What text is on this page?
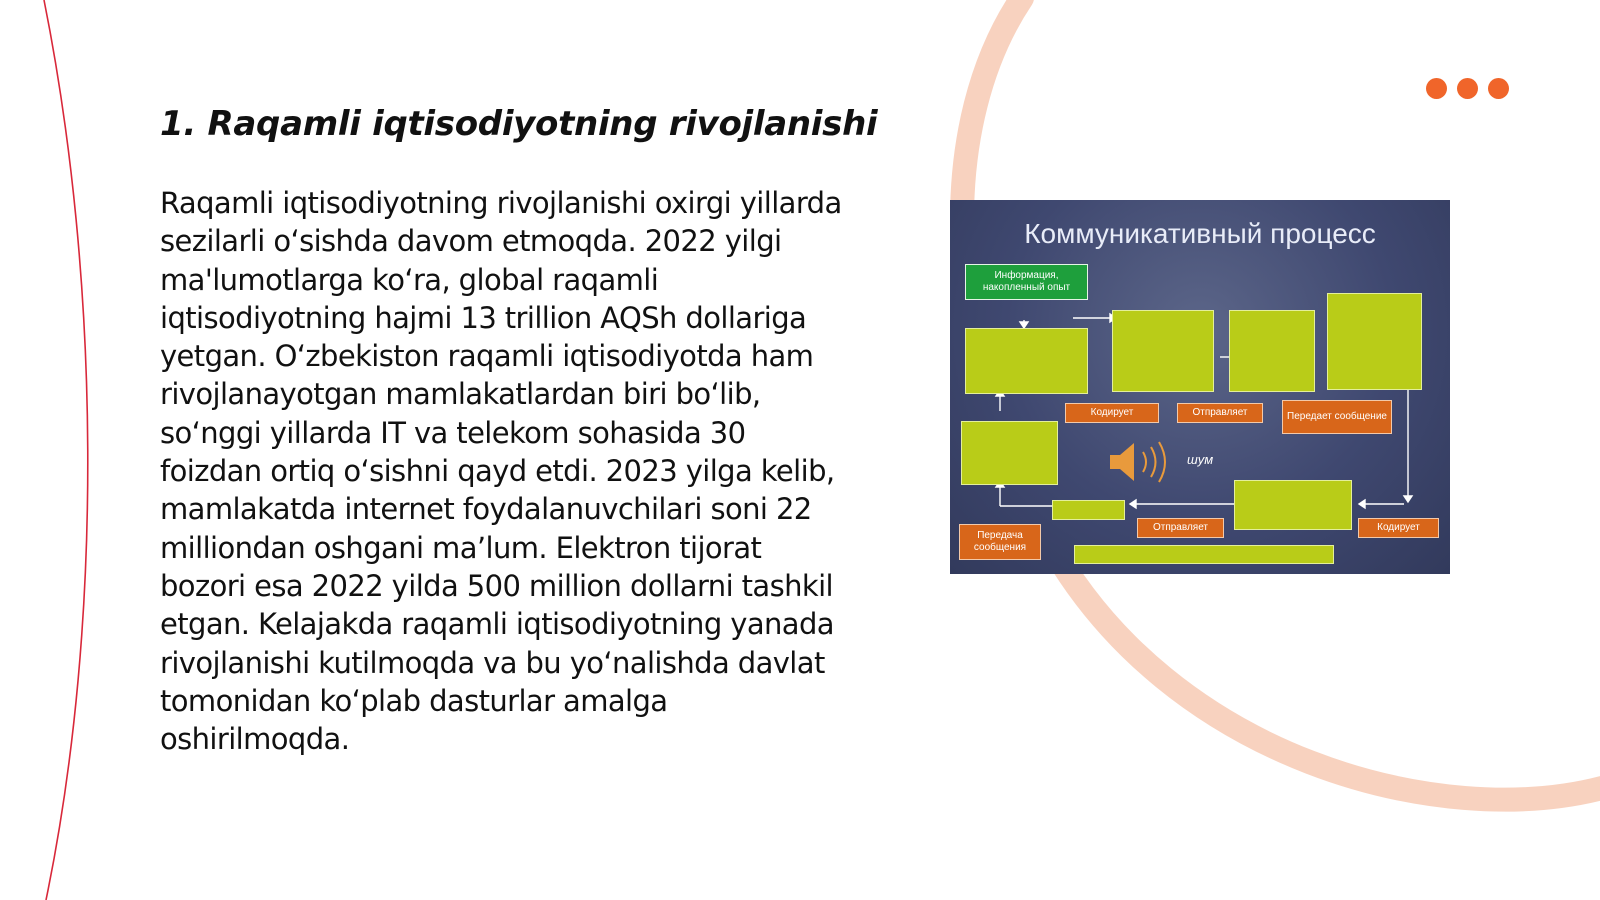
1. Raqamli iqtisodiyotning rivojlanishi

Raqamli iqtisodiyotning rivojlanishi oxirgi yillarda sezilarli o‘sishda davom etmoqda. 2022 yilgi ma'lumotlarga ko‘ra, global raqamli iqtisodiyotning hajmi 13 trillion AQSh dollariga yetgan. O‘zbekiston raqamli iqtisodiyotda ham rivojlanayotgan mamlakatlardan biri bo‘lib, so‘nggi yillarda IT va telekom sohasida 30 foizdan ortiq o‘sishni qayd etdi. 2023 yilga kelib, mamlakatda internet foydalanuvchilari soni 22 milliondan oshgani ma’lum. Elektron tijorat bozori esa 2022 yilda 500 million dollarni tashkil etgan. Kelajakda raqamli iqtisodiyotning yanada rivojlanishi kutilmoqda va bu yo‘nalishda davlat tomonidan ko‘plab dasturlar amalga oshirilmoqda.

Коммуникативный процесс
Информация, накопленный опыт
Кодирует	Отправляет	Передает сообщение
шум
Отправляет	Кодирует
Передача сообщения
